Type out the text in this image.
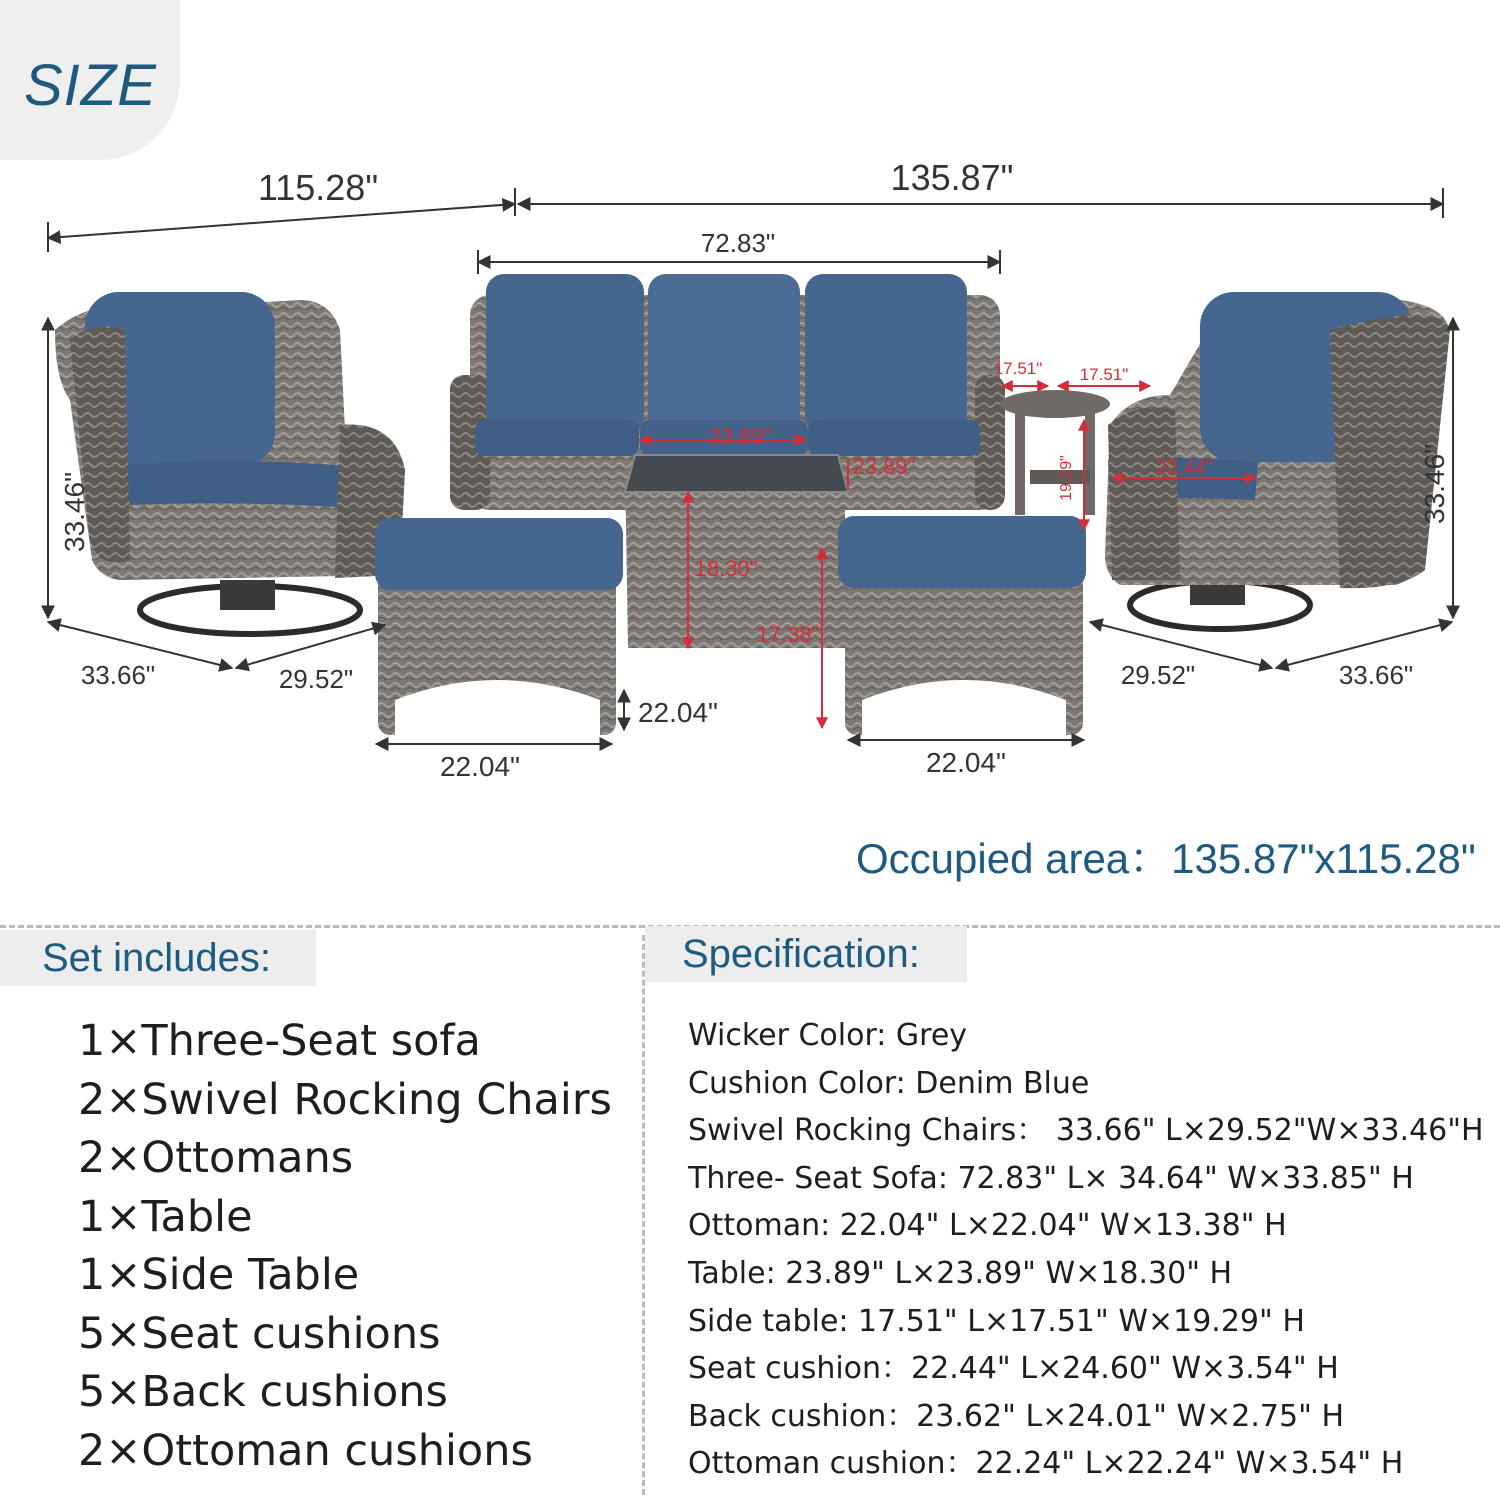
SIZE
115.28"	135.87"
72.83"
23.89"
23.89"
18.30"
17.38"
17.51" 17.51"
19.29"	22.44"
33.46"
33.66"	29.52"
33.46"
29.52"	33.66"
22.04"
22.04"	22.04"
Occupied area：135.87"x115.28"
Set includes:	Specification:
1×Three-Seat sofa
2×Swivel Rocking Chairs
2×Ottomans
1×Table
1×Side Table
5×Seat cushions
5×Back cushions
2×Ottoman cushions
Wicker Color: Grey
Cushion Color: Denim Blue
Swivel Rocking Chairs： 33.66" L×29.52"W×33.46"H
Three- Seat Sofa: 72.83" L× 34.64" W×33.85" H
Ottoman: 22.04" L×22.04" W×13.38" H
Table: 23.89" L×23.89" W×18.30" H
Side table: 17.51" L×17.51" W×19.29" H
Seat cushion：22.44" L×24.60" W×3.54" H
Back cushion：23.62" L×24.01" W×2.75" H
Ottoman cushion：22.24" L×22.24" W×3.54" H
